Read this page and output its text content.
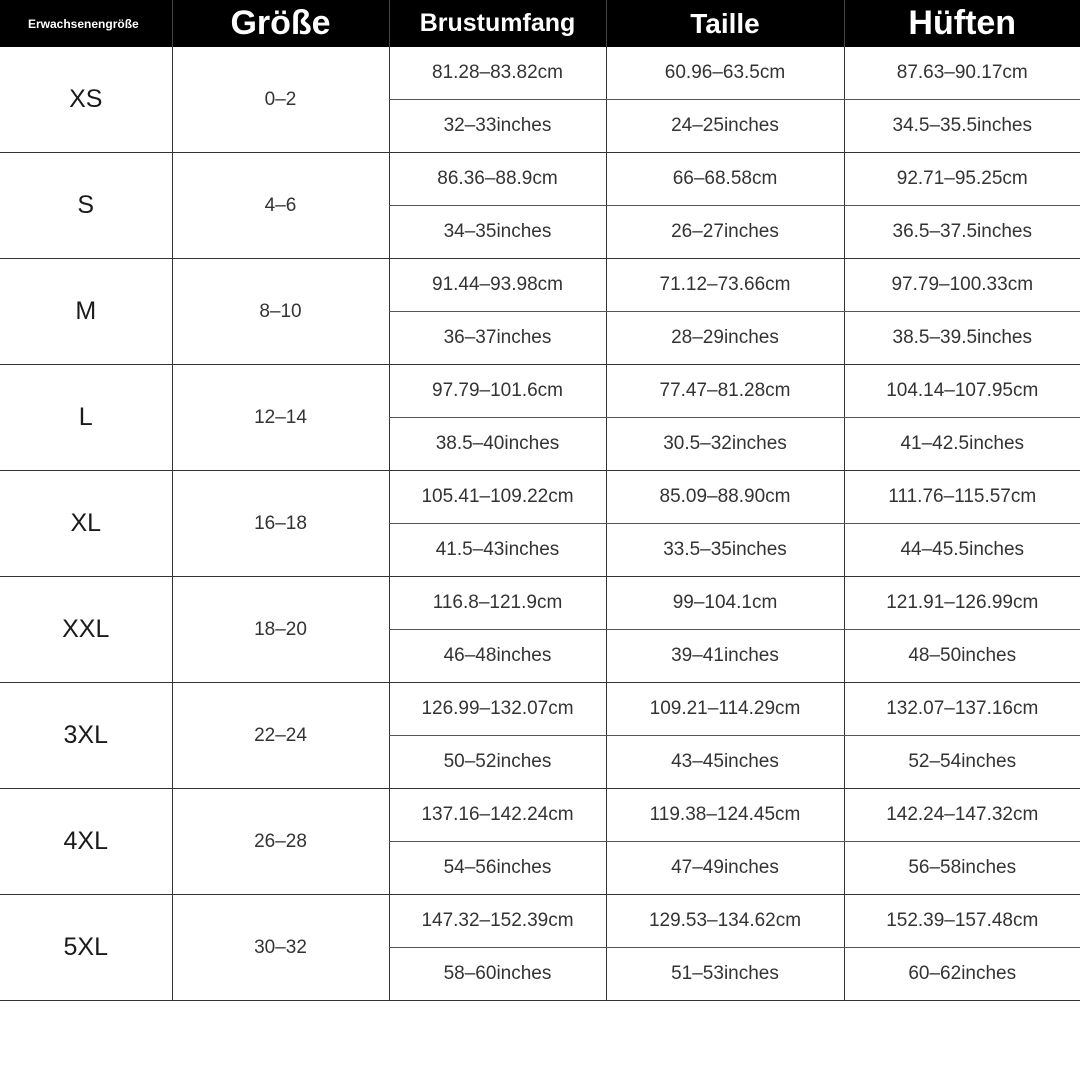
Erwachsenengröße	Größe	Brustumfang	Taille	Hüften
XS	0–2	81.28–83.82cm	60.96–63.5cm	87.63–90.17cm
		32–33inches	24–25inches	34.5–35.5inches
S	4–6	86.36–88.9cm	66–68.58cm	92.71–95.25cm
		34–35inches	26–27inches	36.5–37.5inches
M	8–10	91.44–93.98cm	71.12–73.66cm	97.79–100.33cm
		36–37inches	28–29inches	38.5–39.5inches
L	12–14	97.79–101.6cm	77.47–81.28cm	104.14–107.95cm
		38.5–40inches	30.5–32inches	41–42.5inches
XL	16–18	105.41–109.22cm	85.09–88.90cm	111.76–115.57cm
		41.5–43inches	33.5–35inches	44–45.5inches
XXL	18–20	116.8–121.9cm	99–104.1cm	121.91–126.99cm
		46–48inches	39–41inches	48–50inches
3XL	22–24	126.99–132.07cm	109.21–114.29cm	132.07–137.16cm
		50–52inches	43–45inches	52–54inches
4XL	26–28	137.16–142.24cm	119.38–124.45cm	142.24–147.32cm
		54–56inches	47–49inches	56–58inches
5XL	30–32	147.32–152.39cm	129.53–134.62cm	152.39–157.48cm
		58–60inches	51–53inches	60–62inches
